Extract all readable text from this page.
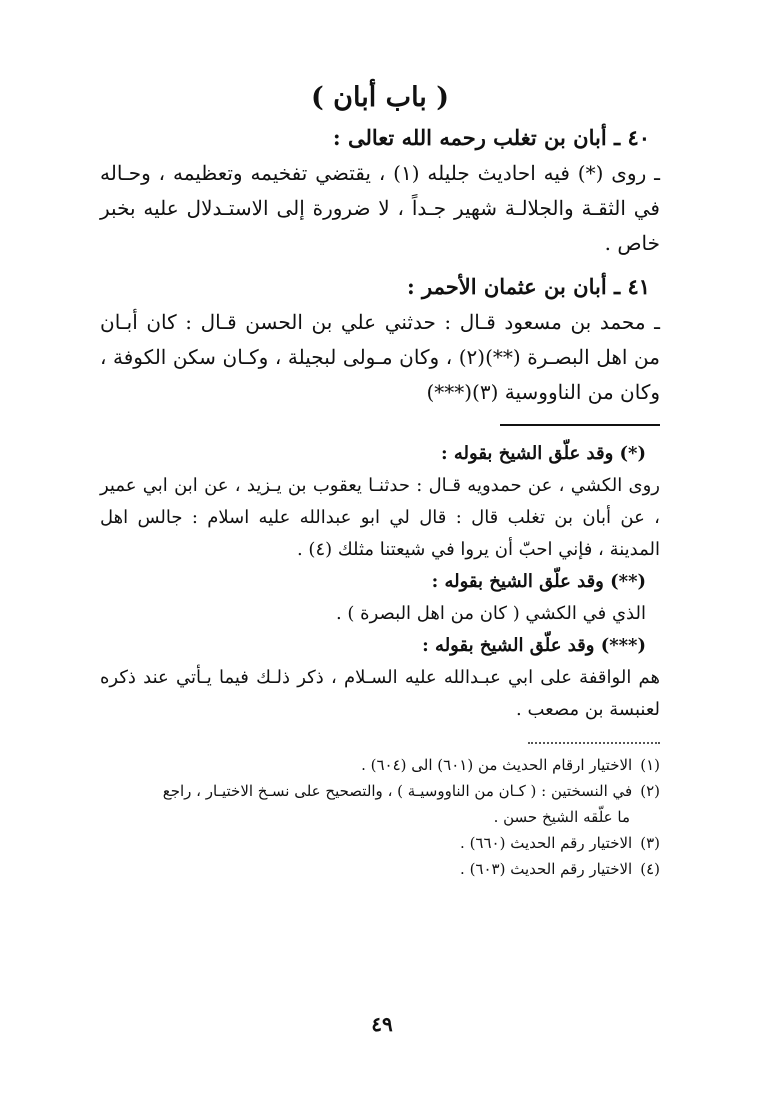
( باب أبان )
٤٠ ـ أبان بن تغلب رحمه الله تعالى :

ـ روى (*) فيه احاديث جليله (١) ، يقتضي تفخيمه وتعظيمه ، وحـاله في الثقـة والجلالـة شهير جـداً ، لا ضرورة إلى الاستـدلال عليه بخبر خاص .

٤١ ـ أبان بن عثمان الأحمر :

ـ محمد بن مسعود قـال : حدثني علي بن الحسن قـال : كان أبـان من اهل البصـرة (**)(٢) ، وكان مـولى لبجيلة ، وكـان سكن الكوفة ، وكان من الناووسية (٣)(***)

(*) وقد علّق الشيخ بقوله :

روى الكشي ، عن حمدويه قـال : حدثنـا يعقوب بن يـزيد ، عن ابن ابي عمير ، عن أبان بن تغلب قال : قال لي ابو عبدالله عليه اسلام : جالس اهل المدينة ، فإني احبّ أن يروا في شيعتنا مثلك (٤) .

(**) وقد علّق الشيخ بقوله :

الذي في الكشي ( كان من اهل البصرة ) .

(***) وقد علّق الشيخ بقوله :

هم الواقفة على ابي عبـدالله عليه السـلام ، ذكر ذلـك فيما يـأتي عند ذكره لعنبسة بن مصعب .

(١)
الاختيار ارقام الحديث من (٦٠١) الى (٦٠٤) .
(٢)
في النسختين : ( كـان من الناووسيـة ) ، والتصحيح على نسـخ الاختيـار ، راجع
ما علّقه الشيخ حسن .
(٣)
الاختيار رقم الحديث (٦٦٠) .
(٤)
الاختيار رقم الحديث (٦٠٣) .
٤٩
